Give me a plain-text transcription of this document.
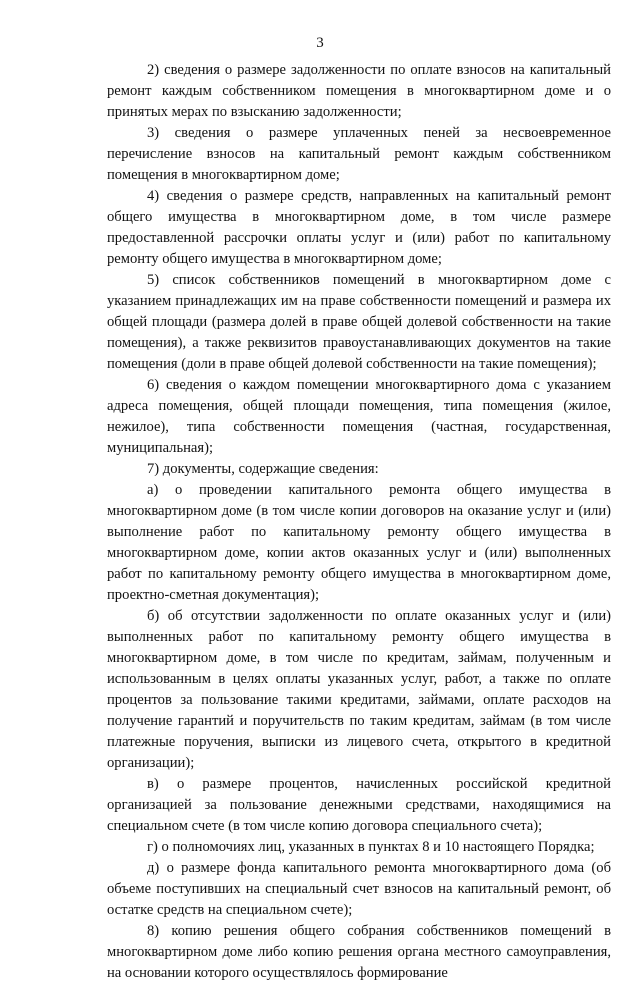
3

2) сведения о размере задолженности по оплате взносов на капитальный ремонт каждым собственником помещения в многоквартирном доме и о принятых мерах по взысканию задолженности;

3) сведения о размере уплаченных пеней за несвоевременное перечисление взносов на капитальный ремонт каждым собственником помещения в многоквартирном доме;

4) сведения о размере средств, направленных на капитальный ремонт общего имущества в многоквартирном доме, в том числе размере предоставленной рассрочки оплаты услуг и (или) работ по капитальному ремонту общего имущества в многоквартирном доме;

5) список собственников помещений в многоквартирном доме с указанием принадлежащих им на праве собственности помещений и размера их общей площади (размера долей в праве общей долевой собственности на такие помещения), а также реквизитов правоустанавливающих документов на такие помещения (доли в праве общей долевой собственности на такие помещения);

6) сведения о каждом помещении многоквартирного дома с указанием адреса помещения, общей площади помещения, типа помещения (жилое, нежилое), типа собственности помещения (частная, государственная, муниципальная);

7) документы, содержащие сведения:

а) о проведении капитального ремонта общего имущества в многоквартирном доме (в том числе копии договоров на оказание услуг и (или) выполнение работ по капитальному ремонту общего имущества в многоквартирном доме, копии актов оказанных услуг и (или) выполненных работ по капитальному ремонту общего имущества в многоквартирном доме, проектно-сметная документация);

б) об отсутствии задолженности по оплате оказанных услуг и (или) выполненных работ по капитальному ремонту общего имущества в многоквартирном доме, в том числе по кредитам, займам, полученным и использованным в целях оплаты указанных услуг, работ, а также по оплате процентов за пользование такими кредитами, займами, оплате расходов на получение гарантий и поручительств по таким кредитам, займам (в том числе платежные поручения, выписки из лицевого счета, открытого в кредитной организации);

в) о размере процентов, начисленных российской кредитной организацией за пользование денежными средствами, находящимися на специальном счете (в том числе копию договора специального счета);

г) о полномочиях лиц, указанных в пунктах 8 и 10 настоящего Порядка;

д) о размере фонда капитального ремонта многоквартирного дома (об объеме поступивших на специальный счет взносов на капитальный ремонт, об остатке средств на специальном счете);

8) копию решения общего собрания собственников помещений в многоквартирном доме либо копию решения органа местного самоуправления, на основании которого осуществлялось формирование
